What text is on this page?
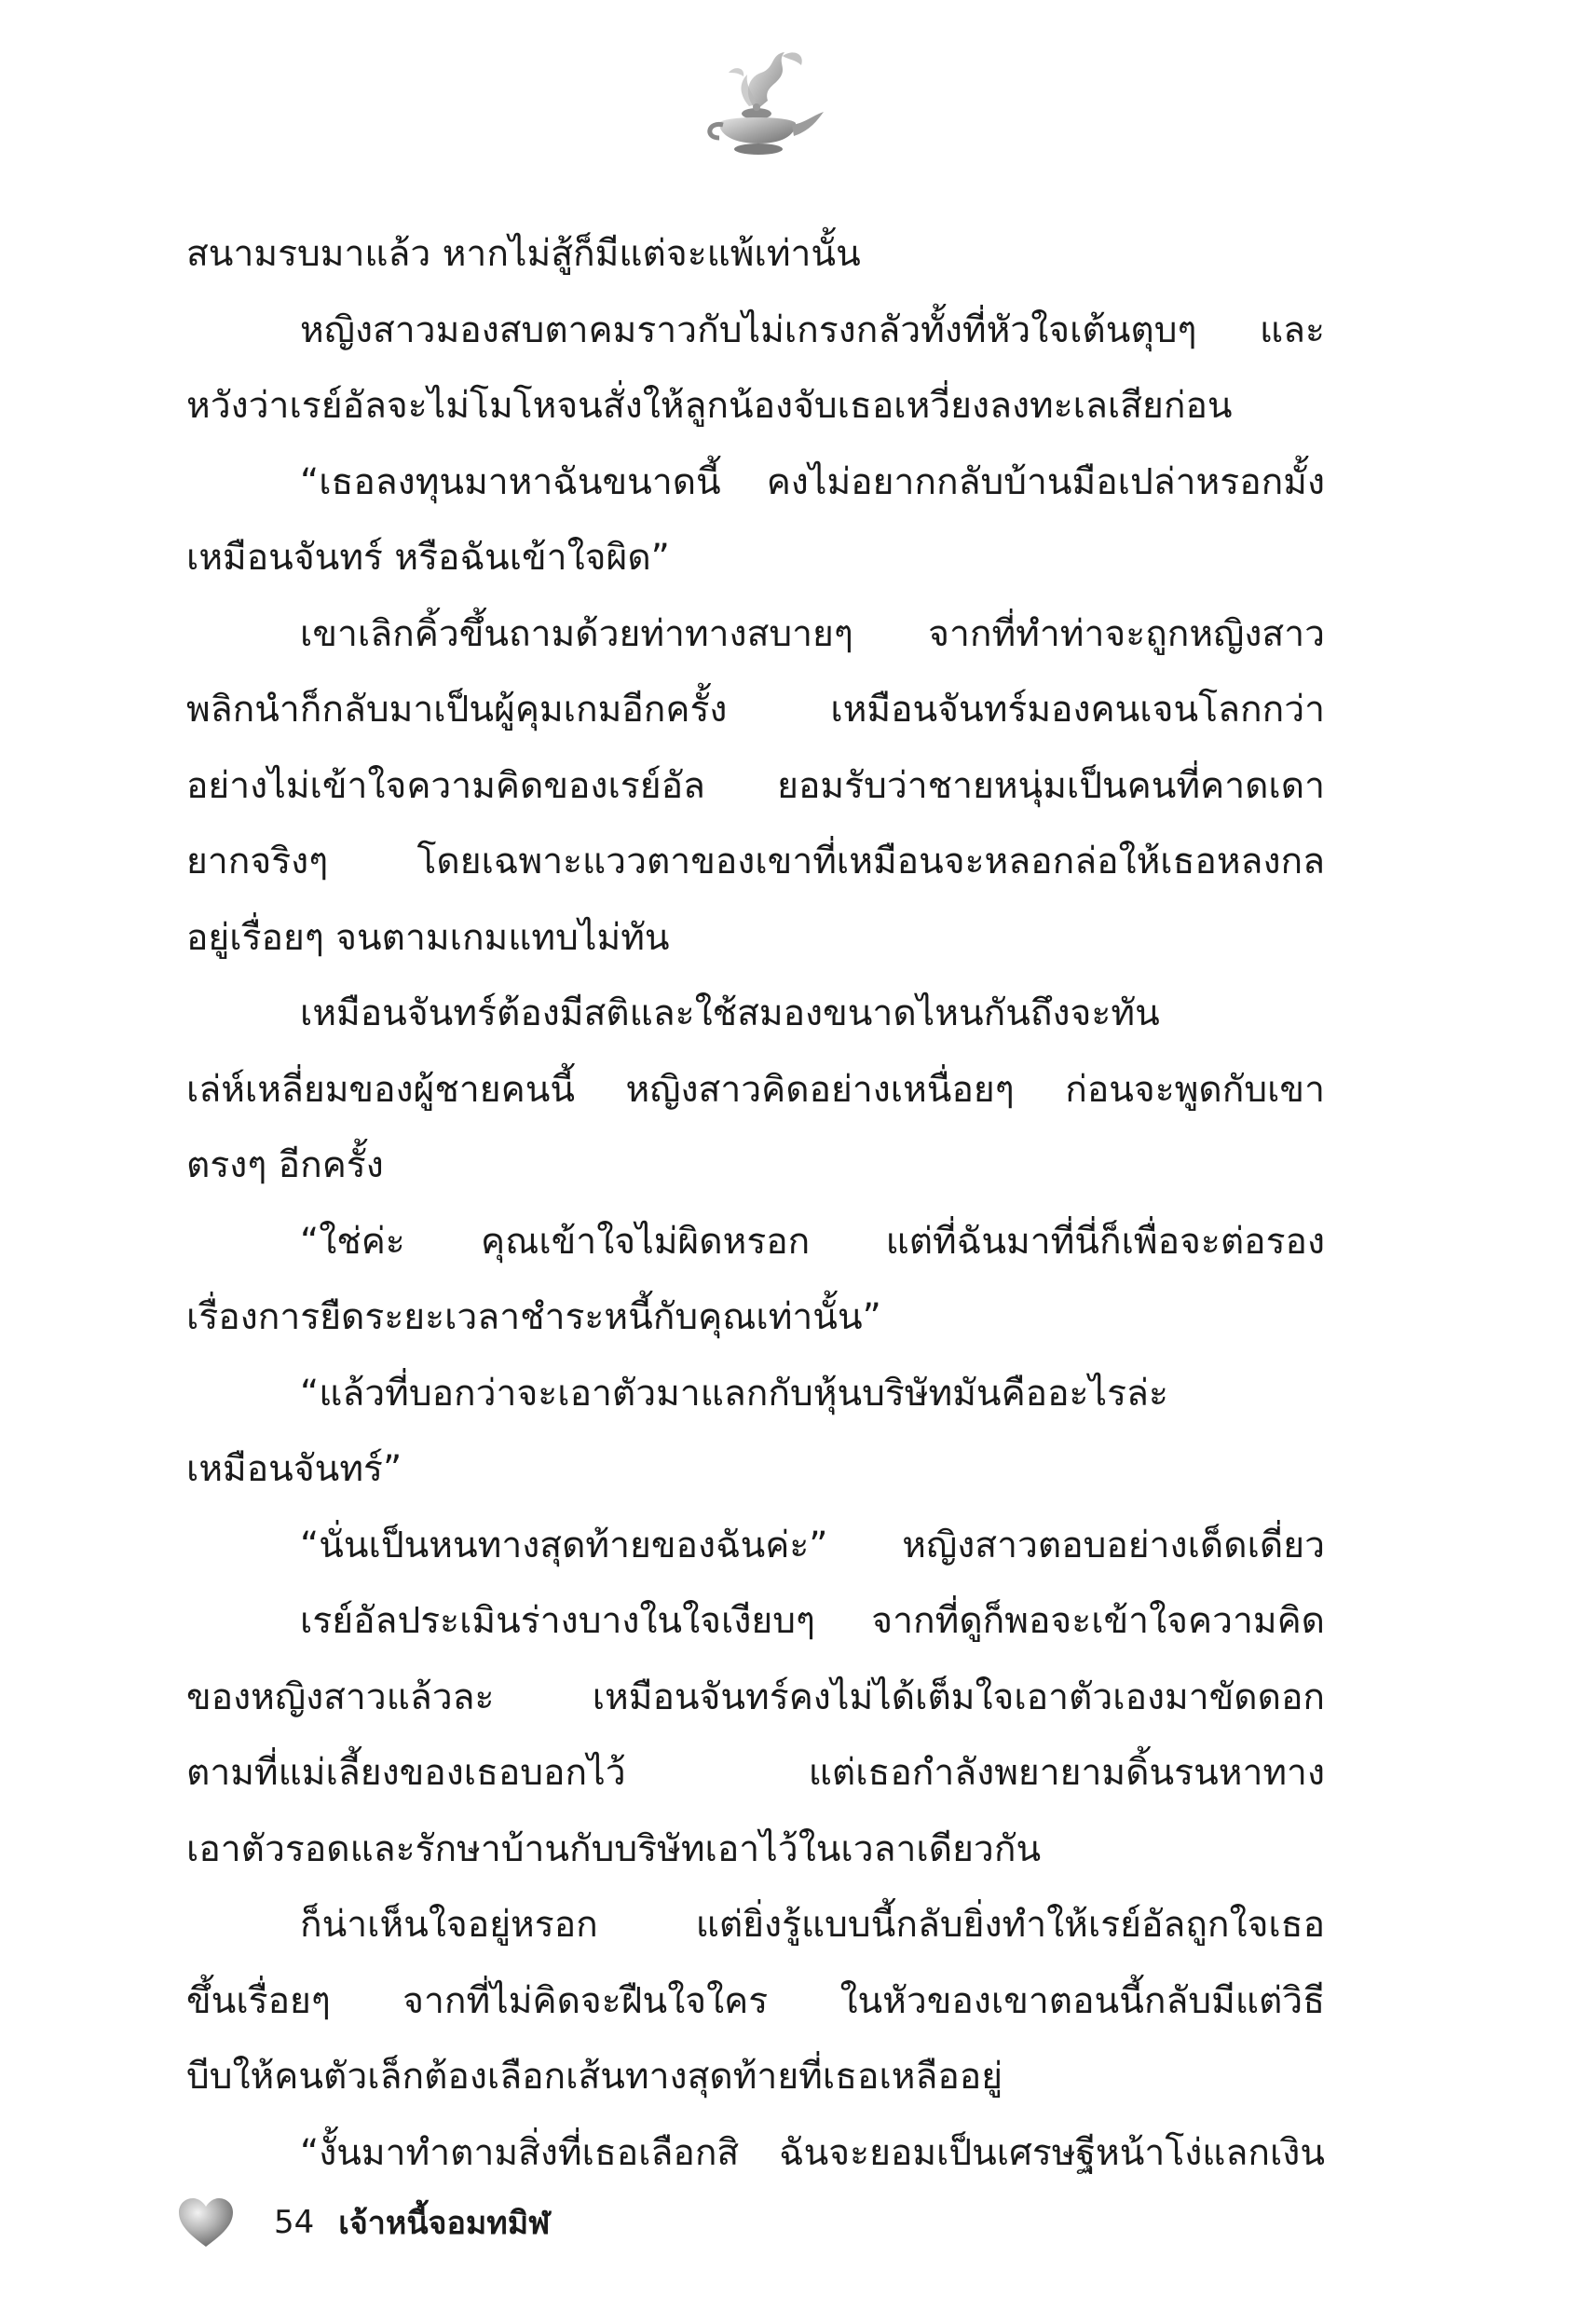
สนามรบมาแล้ว หากไม่สู้ก็มีแต่จะแพ้เท่านั้น
หญิงสาวมองสบตาคมราวกับไม่เกรงกลัวทั้งที่หัวใจเต้นตุบๆ และ
หวังว่าเรย์อัลจะไม่โมโหจนสั่งให้ลูกน้องจับเธอเหวี่ยงลงทะเลเสียก่อน
“เธอลงทุนมาหาฉันขนาดนี้ คงไม่อยากกลับบ้านมือเปล่าหรอกมั้ง
เหมือนจันทร์ หรือฉันเข้าใจผิด”
เขาเลิกคิ้วขึ้นถามด้วยท่าทางสบายๆ จากที่ทำท่าจะถูกหญิงสาว
พลิกนำก็กลับมาเป็นผู้คุมเกมอีกครั้ง เหมือนจันทร์มองคนเจนโลกกว่า
อย่างไม่เข้าใจความคิดของเรย์อัล ยอมรับว่าชายหนุ่มเป็นคนที่คาดเดา
ยากจริงๆ โดยเฉพาะแววตาของเขาที่เหมือนจะหลอกล่อให้เธอหลงกล
อยู่เรื่อยๆ จนตามเกมแทบไม่ทัน
เหมือนจันทร์ต้องมีสติและใช้สมองขนาดไหนกันถึงจะทัน
เล่ห์เหลี่ยมของผู้ชายคนนี้ หญิงสาวคิดอย่างเหนื่อยๆ ก่อนจะพูดกับเขา
ตรงๆ อีกครั้ง
“ใช่ค่ะ คุณเข้าใจไม่ผิดหรอก แต่ที่ฉันมาที่นี่ก็เพื่อจะต่อรอง
เรื่องการยืดระยะเวลาชำระหนี้กับคุณเท่านั้น”
“แล้วที่บอกว่าจะเอาตัวมาแลกกับหุ้นบริษัทมันคืออะไรล่ะ
เหมือนจันทร์”
“นั่นเป็นหนทางสุดท้ายของฉันค่ะ” หญิงสาวตอบอย่างเด็ดเดี่ยว
เรย์อัลประเมินร่างบางในใจเงียบๆ จากที่ดูก็พอจะเข้าใจความคิด
ของหญิงสาวแล้วละ เหมือนจันทร์คงไม่ได้เต็มใจเอาตัวเองมาขัดดอก
ตามที่แม่เลี้ยงของเธอบอกไว้ แต่เธอกำลังพยายามดิ้นรนหาทาง
เอาตัวรอดและรักษาบ้านกับบริษัทเอาไว้ในเวลาเดียวกัน
ก็น่าเห็นใจอยู่หรอก แต่ยิ่งรู้แบบนี้กลับยิ่งทำให้เรย์อัลถูกใจเธอ
ขึ้นเรื่อยๆ จากที่ไม่คิดจะฝืนใจใคร ในหัวของเขาตอนนี้กลับมีแต่วิธี
บีบให้คนตัวเล็กต้องเลือกเส้นทางสุดท้ายที่เธอเหลืออยู่
“งั้นมาทำตามสิ่งที่เธอเลือกสิ ฉันจะยอมเป็นเศรษฐีหน้าโง่แลกเงิน
54 เจ้าหนี้จอมทมิฬ
